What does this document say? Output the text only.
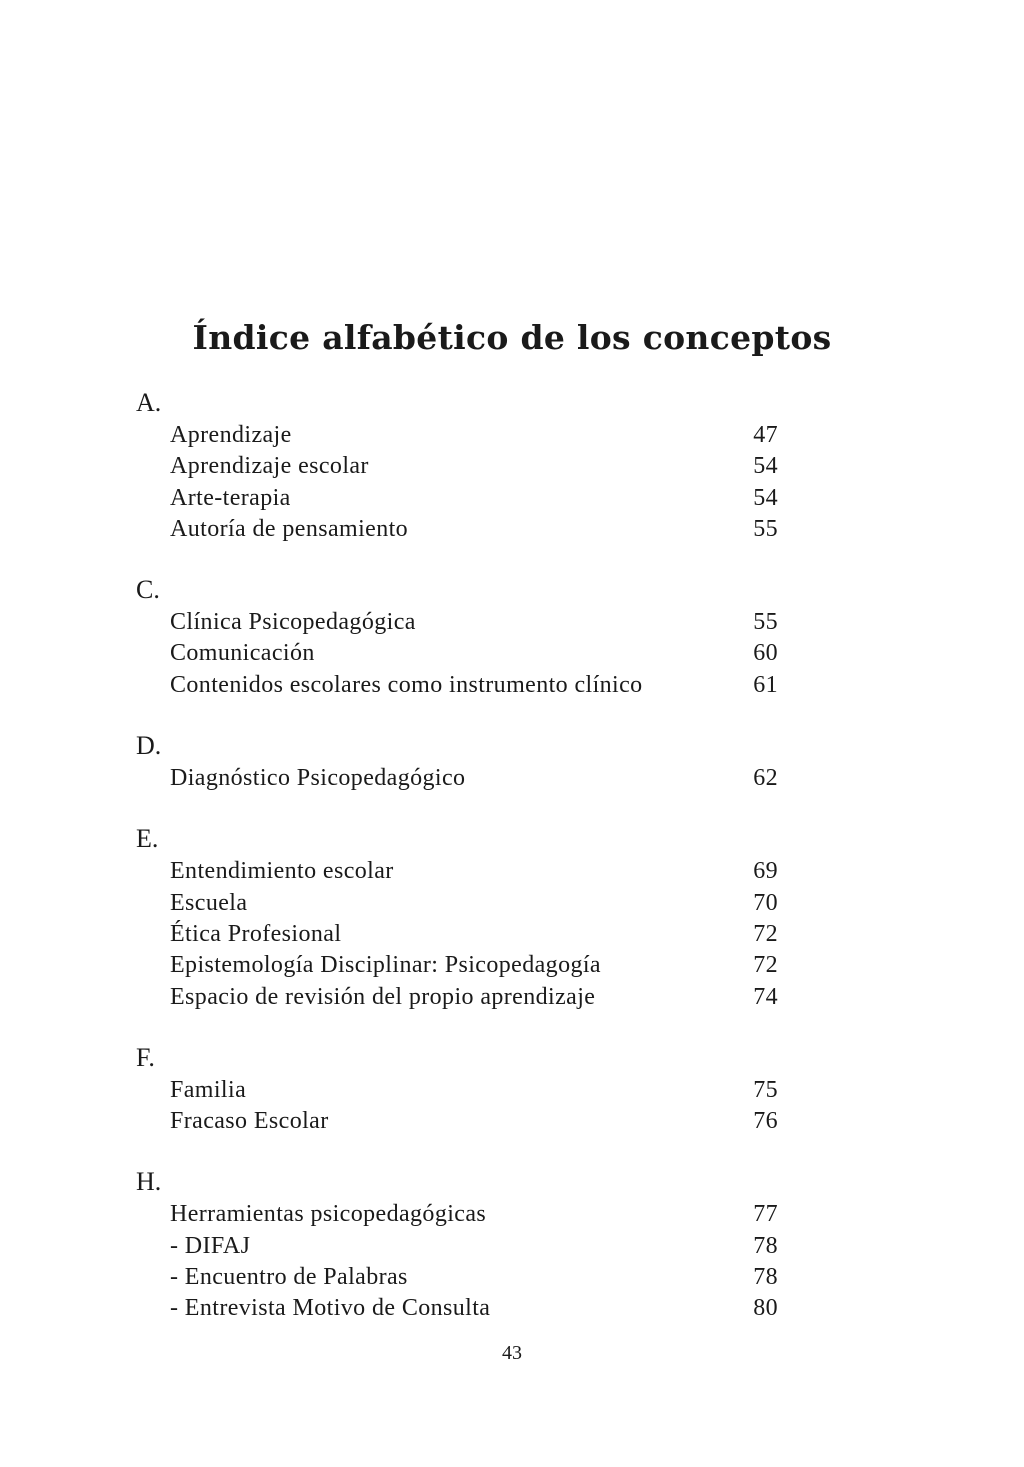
Índice alfabético de los conceptos
A.
Aprendizaje	47
Aprendizaje escolar	54
Arte-terapia	54
Autoría de pensamiento	55
C.
Clínica Psicopedagógica	55
Comunicación	60
Contenidos escolares como instrumento clínico	61
D.
Diagnóstico Psicopedagógico	62
E.
Entendimiento escolar	69
Escuela	70
Ética Profesional	72
Epistemología Disciplinar: Psicopedagogía	72
Espacio de revisión del propio aprendizaje	74
F.
Familia	75
Fracaso Escolar	76
H.
Herramientas psicopedagógicas	77
- DIFAJ	78
- Encuentro de Palabras	78
- Entrevista Motivo de Consulta	80
43
